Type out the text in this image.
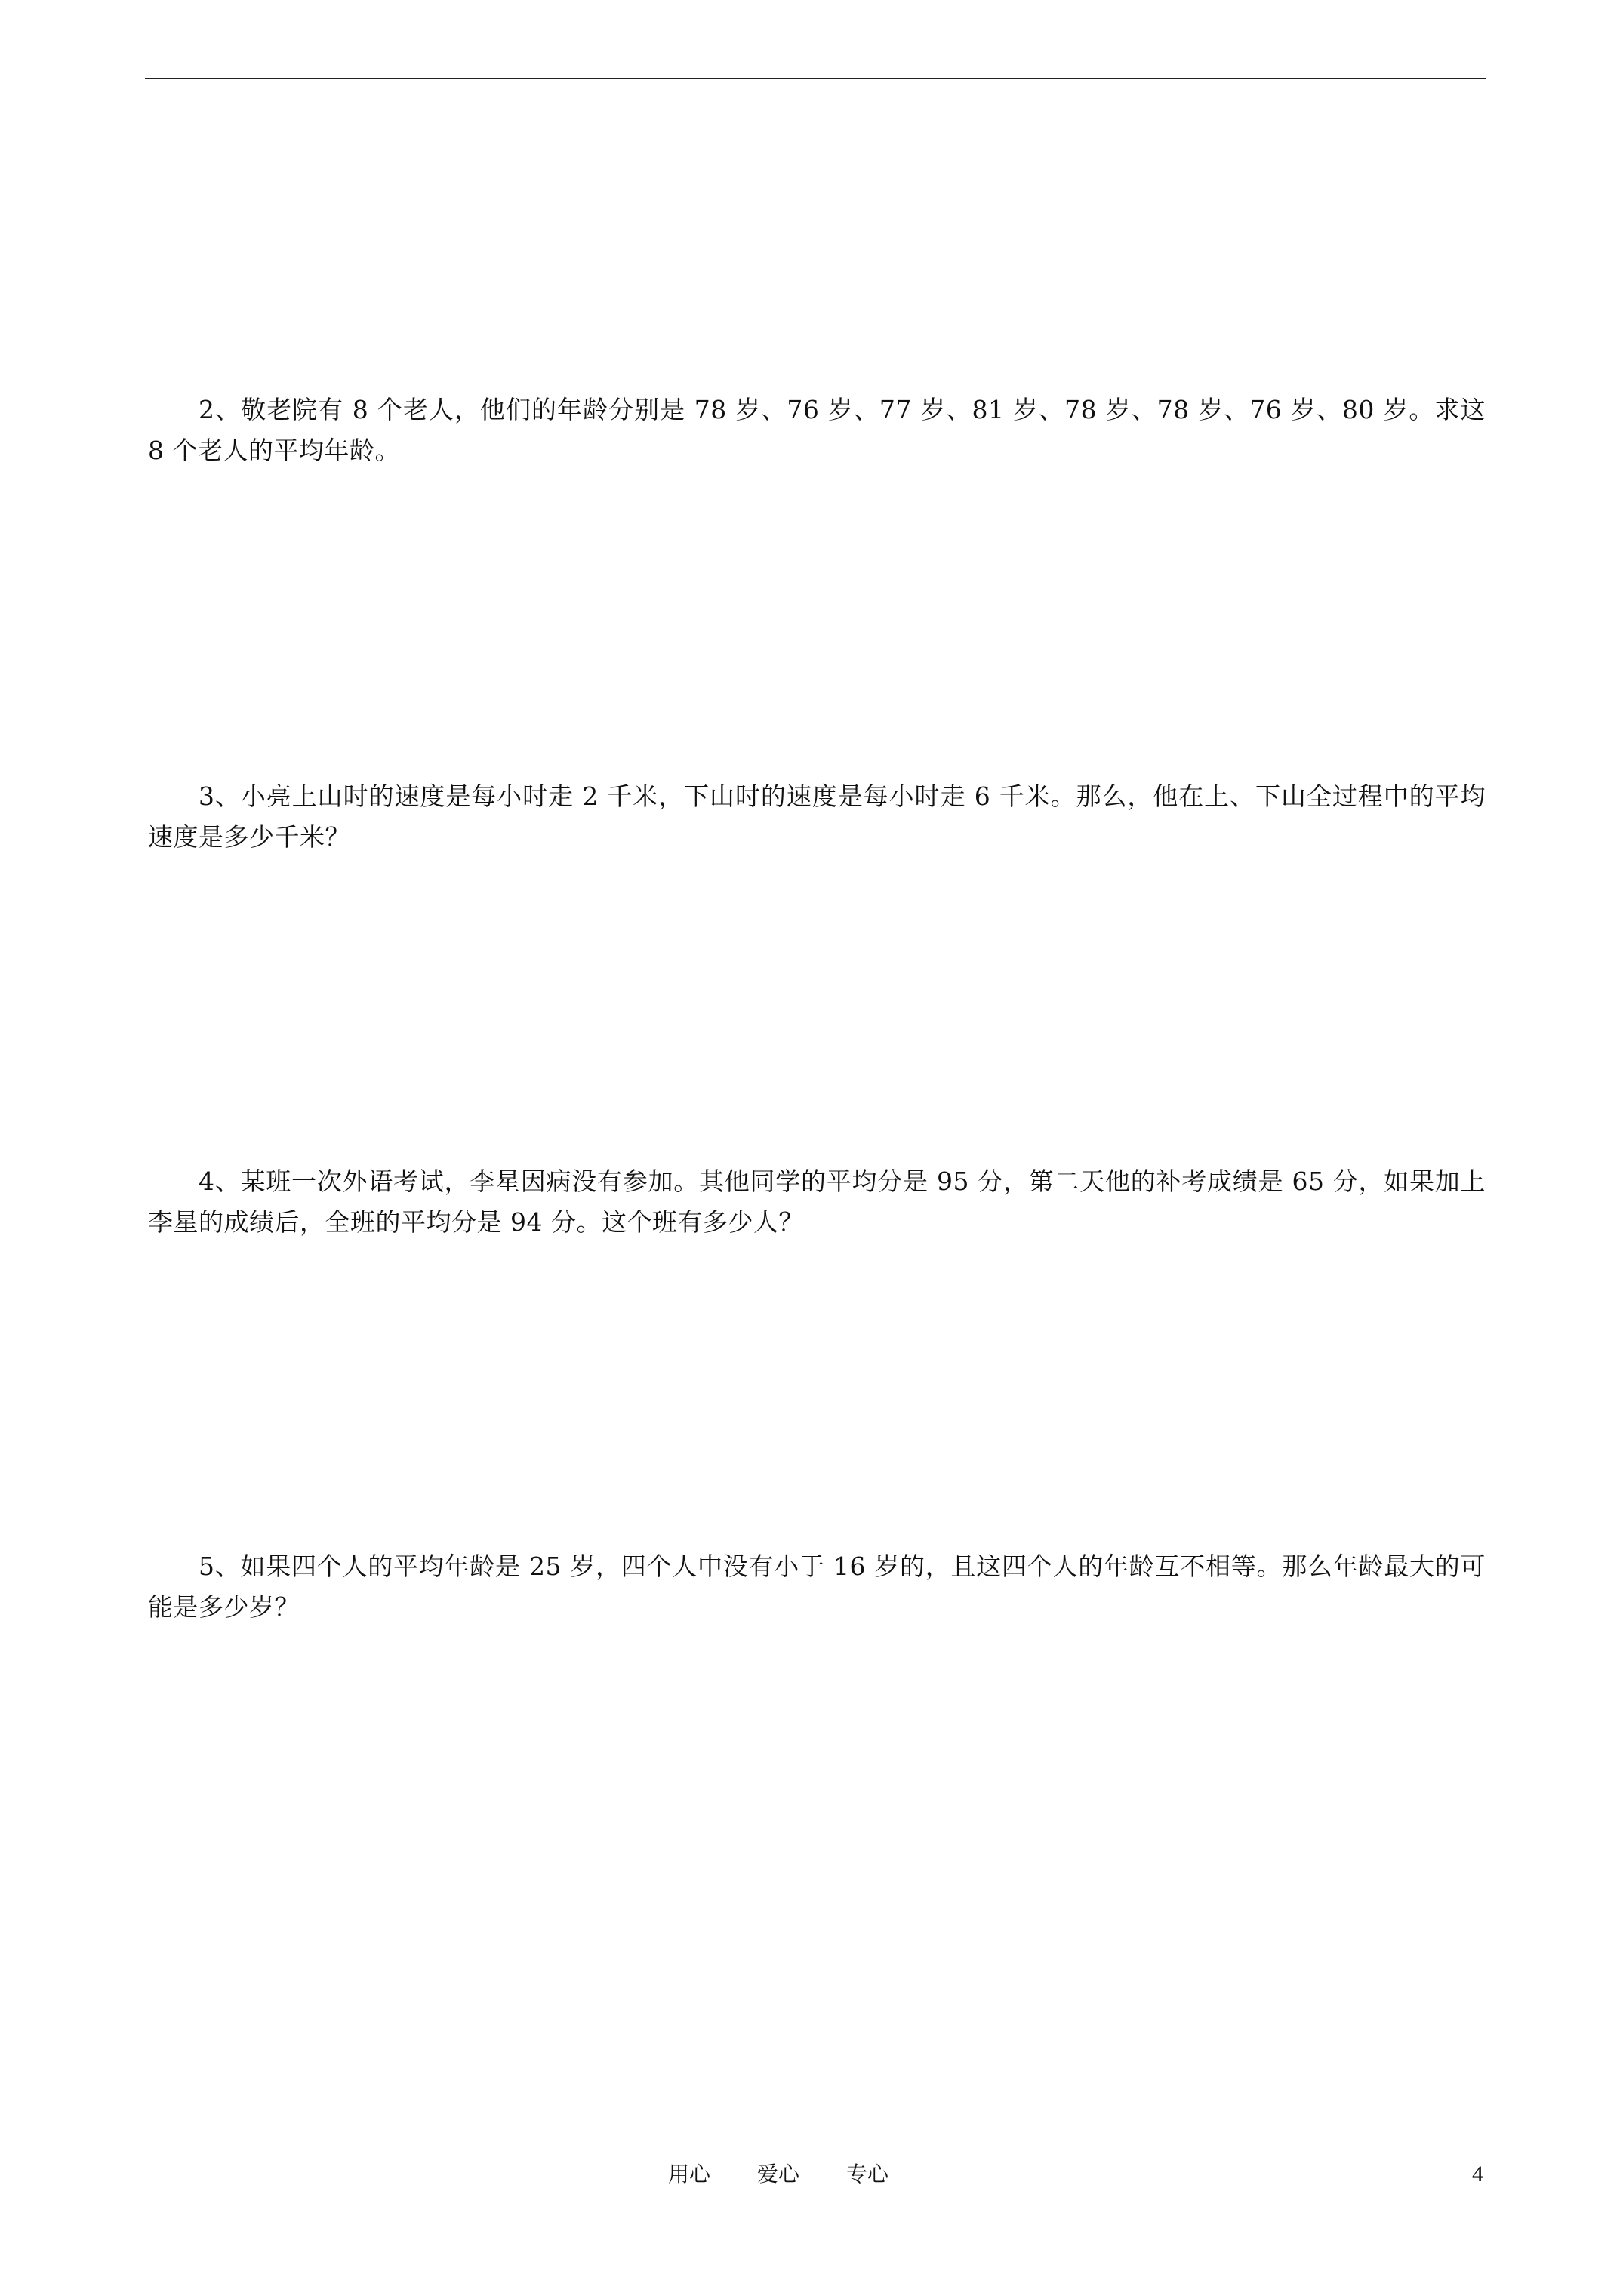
2、敬老院有 8 个老人，他们的年龄分别是 78 岁、76 岁、77 岁、81 岁、78 岁、78 岁、76 岁、80 岁。求这 8 个老人的平均年龄。

3、小亮上山时的速度是每小时走 2 千米，下山时的速度是每小时走 6 千米。那么，他在上、下山全过程中的平均速度是多少千米？

4、某班一次外语考试，李星因病没有参加。其他同学的平均分是 95 分，第二天他的补考成绩是 65 分，如果加上李星的成绩后，全班的平均分是 94 分。这个班有多少人？

5、如果四个人的平均年龄是 25 岁，四个人中没有小于 16 岁的，且这四个人的年龄互不相等。那么年龄最大的可能是多少岁？

用心 爱心 专心	4
